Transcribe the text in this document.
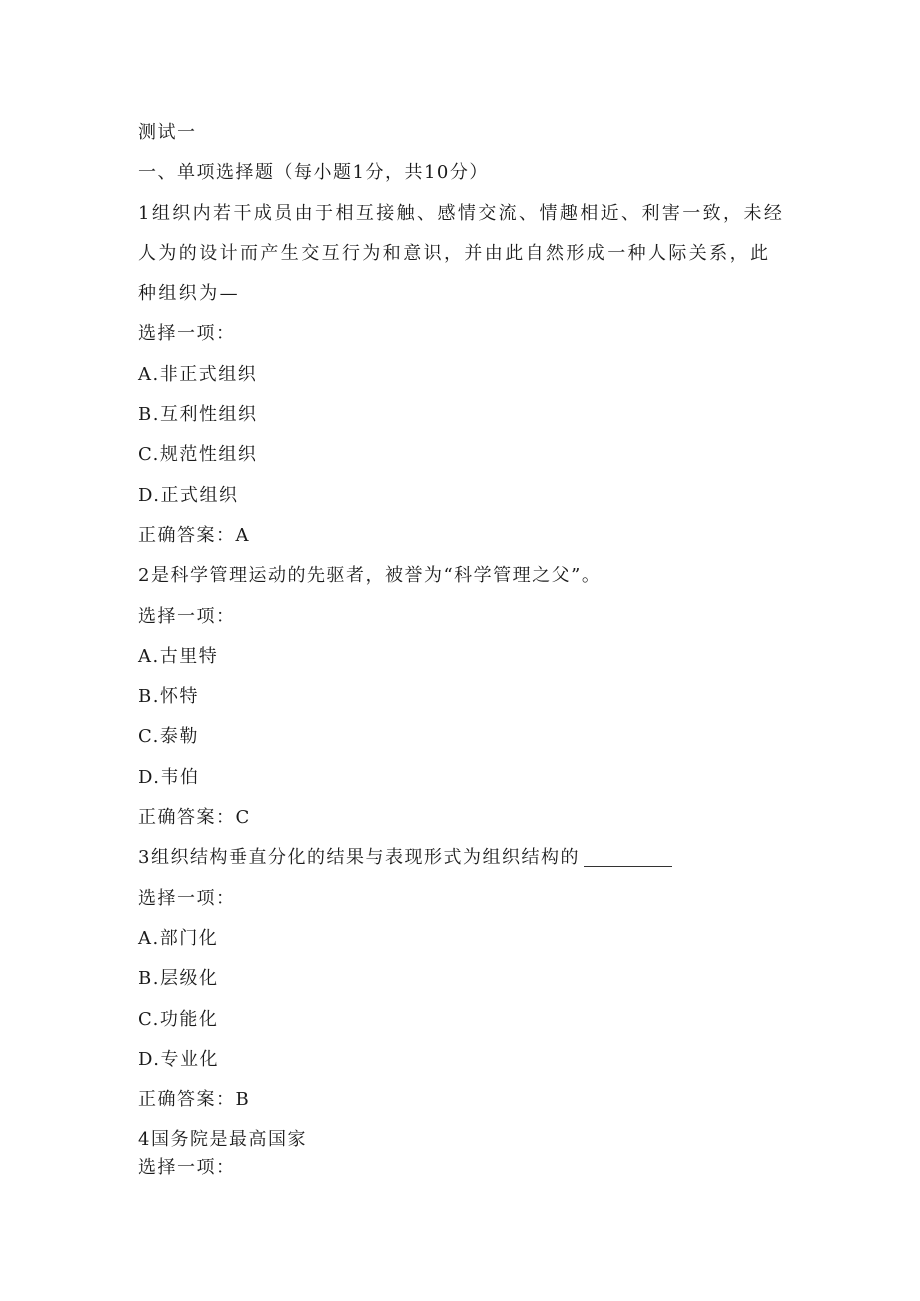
测试一
一、单项选择题（每小题1分，共10分）
1组织内若干成员由于相互接触、感情交流、情趣相近、利害一致，未经人为的设计而产生交互行为和意识，并由此自然形成一种人际关系，此种组织为—
选择一项：
A.非正式组织
B.互利性组织
C.规范性组织
D.正式组织
正确答案：A
2是科学管理运动的先驱者，被誉为“科学管理之父”。
选择一项：
A.古里特
B.怀特
C.泰勒
D.韦伯
正确答案：C
3组织结构垂直分化的结果与表现形式为组织结构的
选择一项：
A.部门化
B.层级化
C.功能化
D.专业化
正确答案：B
4国务院是最高国家
选择一项：
